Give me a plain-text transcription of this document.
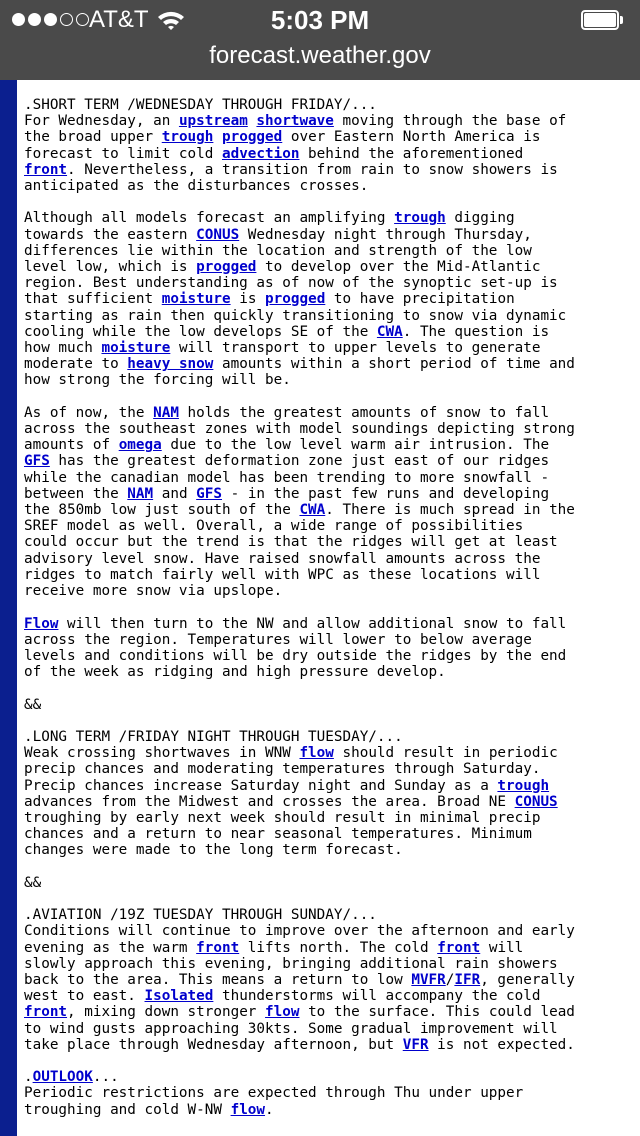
AT&T	5:03 PM
forecast.weather.gov
.SHORT TERM /WEDNESDAY THROUGH FRIDAY/...
For Wednesday, an upstream shortwave moving through the base of
the broad upper trough progged over Eastern North America is
forecast to limit cold advection behind the aforementioned
front. Nevertheless, a transition from rain to snow showers is
anticipated as the disturbances crosses.

Although all models forecast an amplifying trough digging
towards the eastern CONUS Wednesday night through Thursday,
differences lie within the location and strength of the low
level low, which is progged to develop over the Mid-Atlantic
region. Best understanding as of now of the synoptic set-up is
that sufficient moisture is progged to have precipitation
starting as rain then quickly transitioning to snow via dynamic
cooling while the low develops SE of the CWA. The question is
how much moisture will transport to upper levels to generate
moderate to heavy snow amounts within a short period of time and
how strong the forcing will be.

As of now, the NAM holds the greatest amounts of snow to fall
across the southeast zones with model soundings depicting strong
amounts of omega due to the low level warm air intrusion. The
GFS has the greatest deformation zone just east of our ridges
while the canadian model has been trending to more snowfall -
between the NAM and GFS - in the past few runs and developing
the 850mb low just south of the CWA. There is much spread in the
SREF model as well. Overall, a wide range of possibilities
could occur but the trend is that the ridges will get at least
advisory level snow. Have raised snowfall amounts across the
ridges to match fairly well with WPC as these locations will
receive more snow via upslope.

Flow will then turn to the NW and allow additional snow to fall
across the region. Temperatures will lower to below average
levels and conditions will be dry outside the ridges by the end
of the week as ridging and high pressure develop.

&&

.LONG TERM /FRIDAY NIGHT THROUGH TUESDAY/...
Weak crossing shortwaves in WNW flow should result in periodic
precip chances and moderating temperatures through Saturday.
Precip chances increase Saturday night and Sunday as a trough
advances from the Midwest and crosses the area. Broad NE CONUS
troughing by early next week should result in minimal precip
chances and a return to near seasonal temperatures. Minimum
changes were made to the long term forecast.

&&

.AVIATION /19Z TUESDAY THROUGH SUNDAY/...
Conditions will continue to improve over the afternoon and early
evening as the warm front lifts north. The cold front will
slowly approach this evening, bringing additional rain showers
back to the area. This means a return to low MVFR/IFR, generally
west to east. Isolated thunderstorms will accompany the cold
front, mixing down stronger flow to the surface. This could lead
to wind gusts approaching 30kts. Some gradual improvement will
take place through Wednesday afternoon, but VFR is not expected.

.OUTLOOK...
Periodic restrictions are expected through Thu under upper
troughing and cold W-NW flow.
